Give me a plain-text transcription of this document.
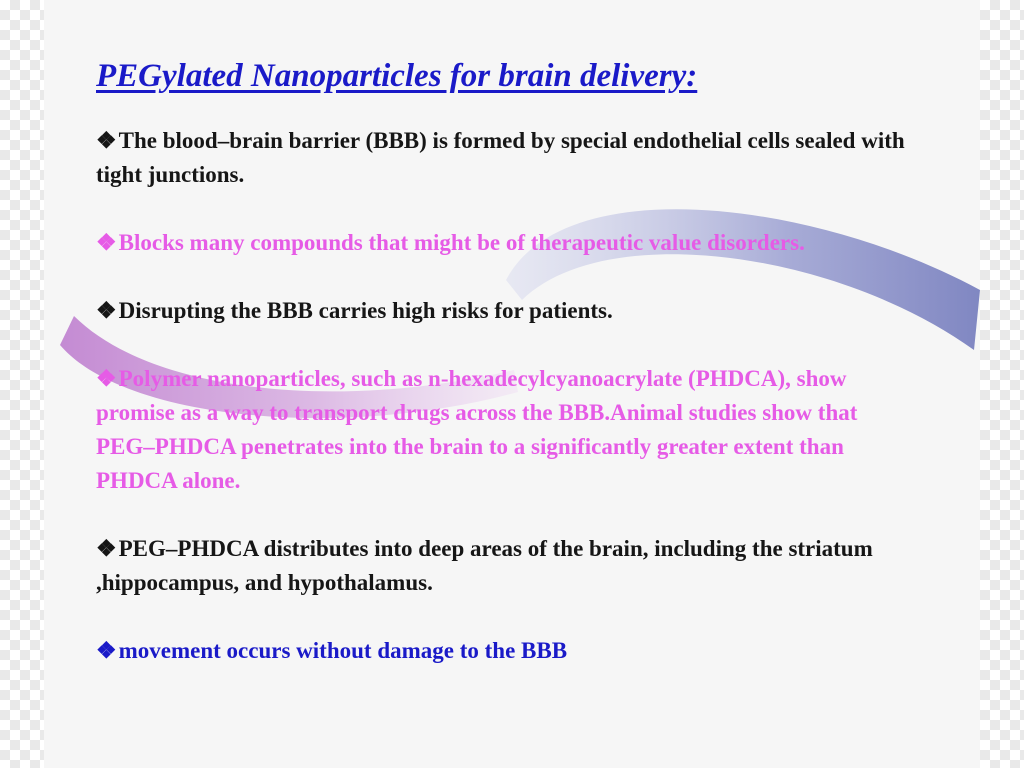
PEGylated Nanoparticles for brain delivery:
❖The blood–brain barrier (BBB) is formed by special endothelial cells sealed with tight junctions.
❖Blocks many compounds that might be of therapeutic value disorders.
❖Disrupting the BBB carries high risks for patients.
❖Polymer nanoparticles, such as n-hexadecylcyanoacrylate (PHDCA), show promise as a way to transport drugs across the BBB.Animal studies show that PEG–PHDCA penetrates into the brain to a significantly greater extent than PHDCA alone.
❖PEG–PHDCA distributes into deep areas of the brain, including the striatum ,hippocampus, and hypothalamus.
❖movement occurs without damage to the BBB
